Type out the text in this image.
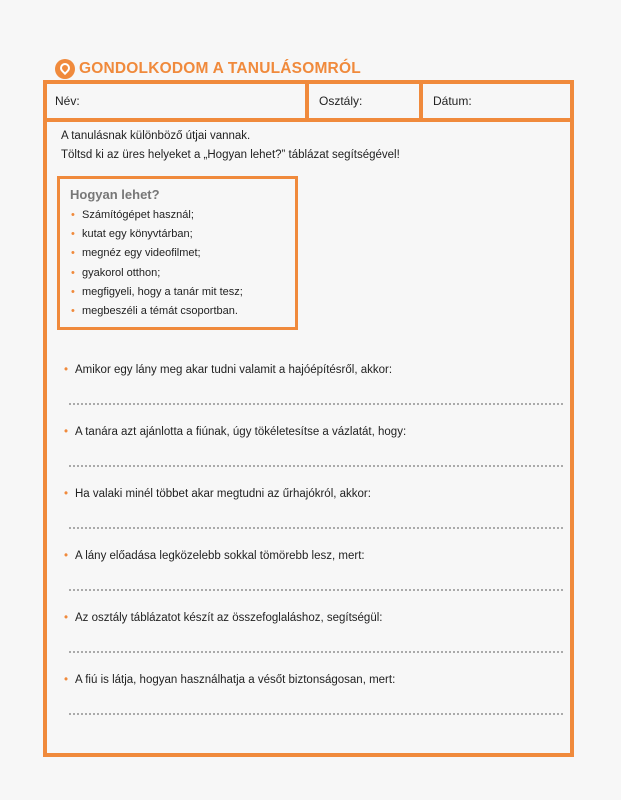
GONDOLKODOM A TANULÁSOMRÓL
Név:	Osztály:	Dátum:
A tanulásnak különböző útjai vannak.
Töltsd ki az üres helyeket a „Hogyan lehet?” táblázat segítségével!
Hogyan lehet?
• Számítógépet használ;
• kutat egy könyvtárban;
• megnéz egy videofilmet;
• gyakorol otthon;
• megfigyeli, hogy a tanár mit tesz;
• megbeszéli a témát csoportban.
• Amikor egy lány meg akar tudni valamit a hajóépítésről, akkor:
• A tanára azt ajánlotta a fiúnak, úgy tökéletesítse a vázlatát, hogy:
• Ha valaki minél többet akar megtudni az űrhajókról, akkor:
• A lány előadása legközelebb sokkal tömörebb lesz, mert:
• Az osztály táblázatot készít az összefoglaláshoz, segítségül:
• A fiú is látja, hogyan használhatja a vésőt biztonságosan, mert:
